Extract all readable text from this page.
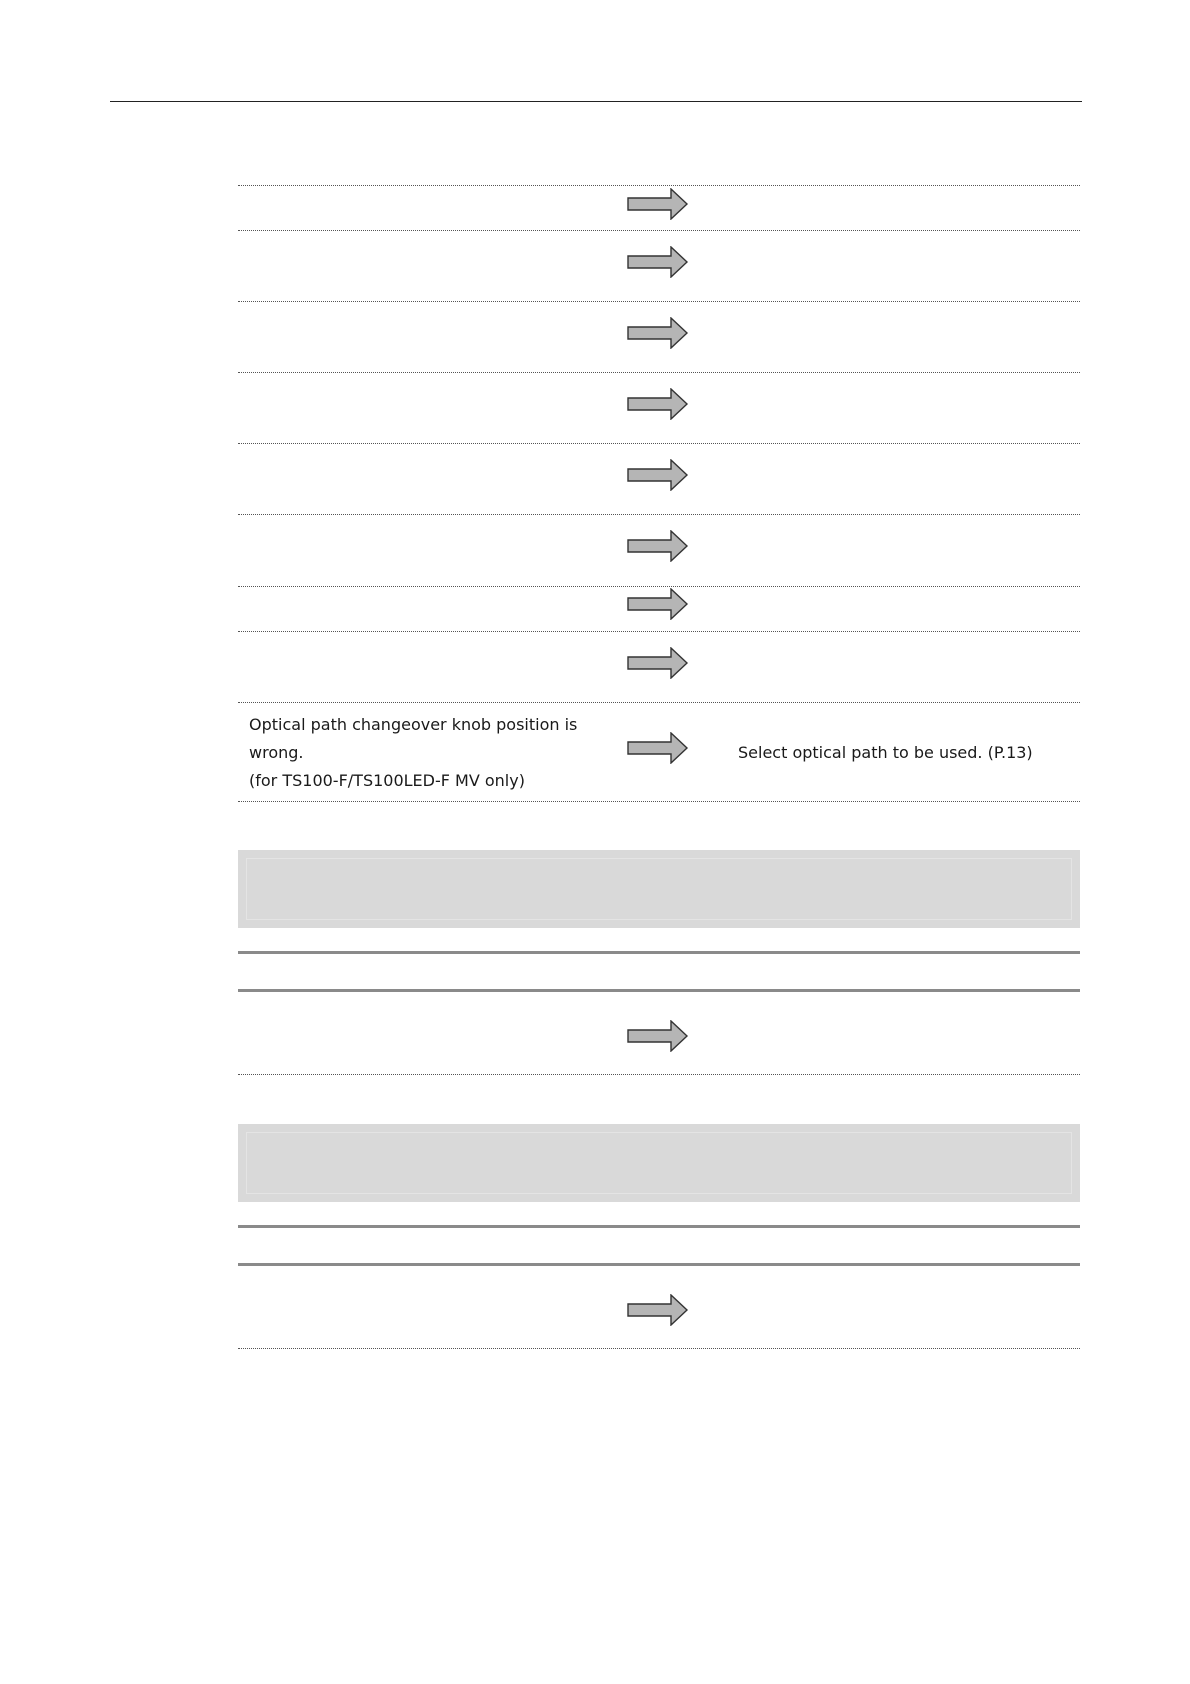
Optical path changeover knob position is
wrong.
(for TS100-F/TS100LED-F MV only)
Select optical path to be used. (P.13)
